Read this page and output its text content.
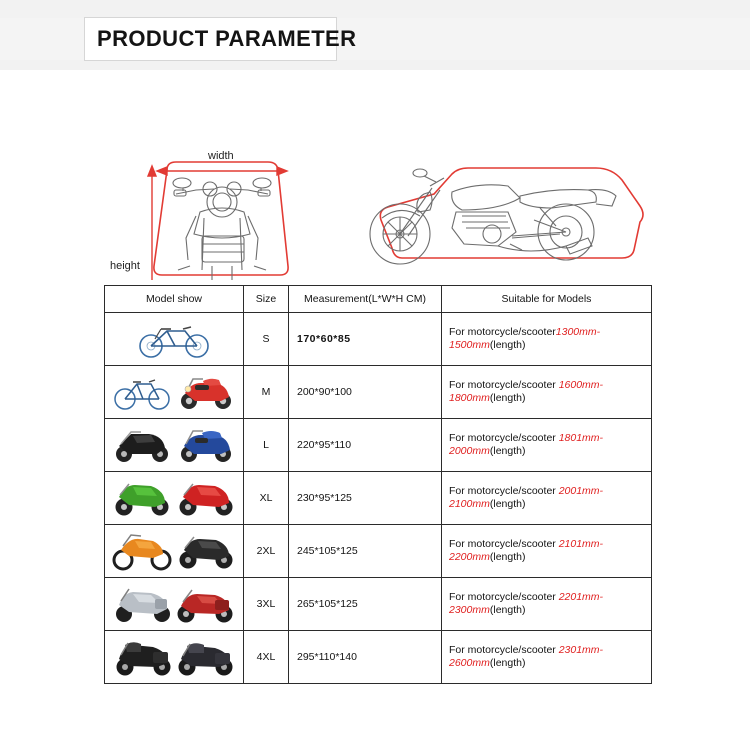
PRODUCT PARAMETER
width
height
Model show	Size	Measurement(L*W*H CM)	Suitable for Models

	S	170*60*85	For motorcycle/scooter1300mm-1500mm(length)

	M	200*90*100	For motorcycle/scooter 1600mm-1800mm(length)

	L	220*95*110	For motorcycle/scooter 1801mm-2000mm(length)

	XL	230*95*125	For motorcycle/scooter 2001mm-2100mm(length)

	2XL	245*105*125	For motorcycle/scooter 2101mm-2200mm(length)

	3XL	265*105*125	For motorcycle/scooter 2201mm-2300mm(length)

	4XL	295*110*140	For motorcycle/scooter 2301mm-2600mm(length)
